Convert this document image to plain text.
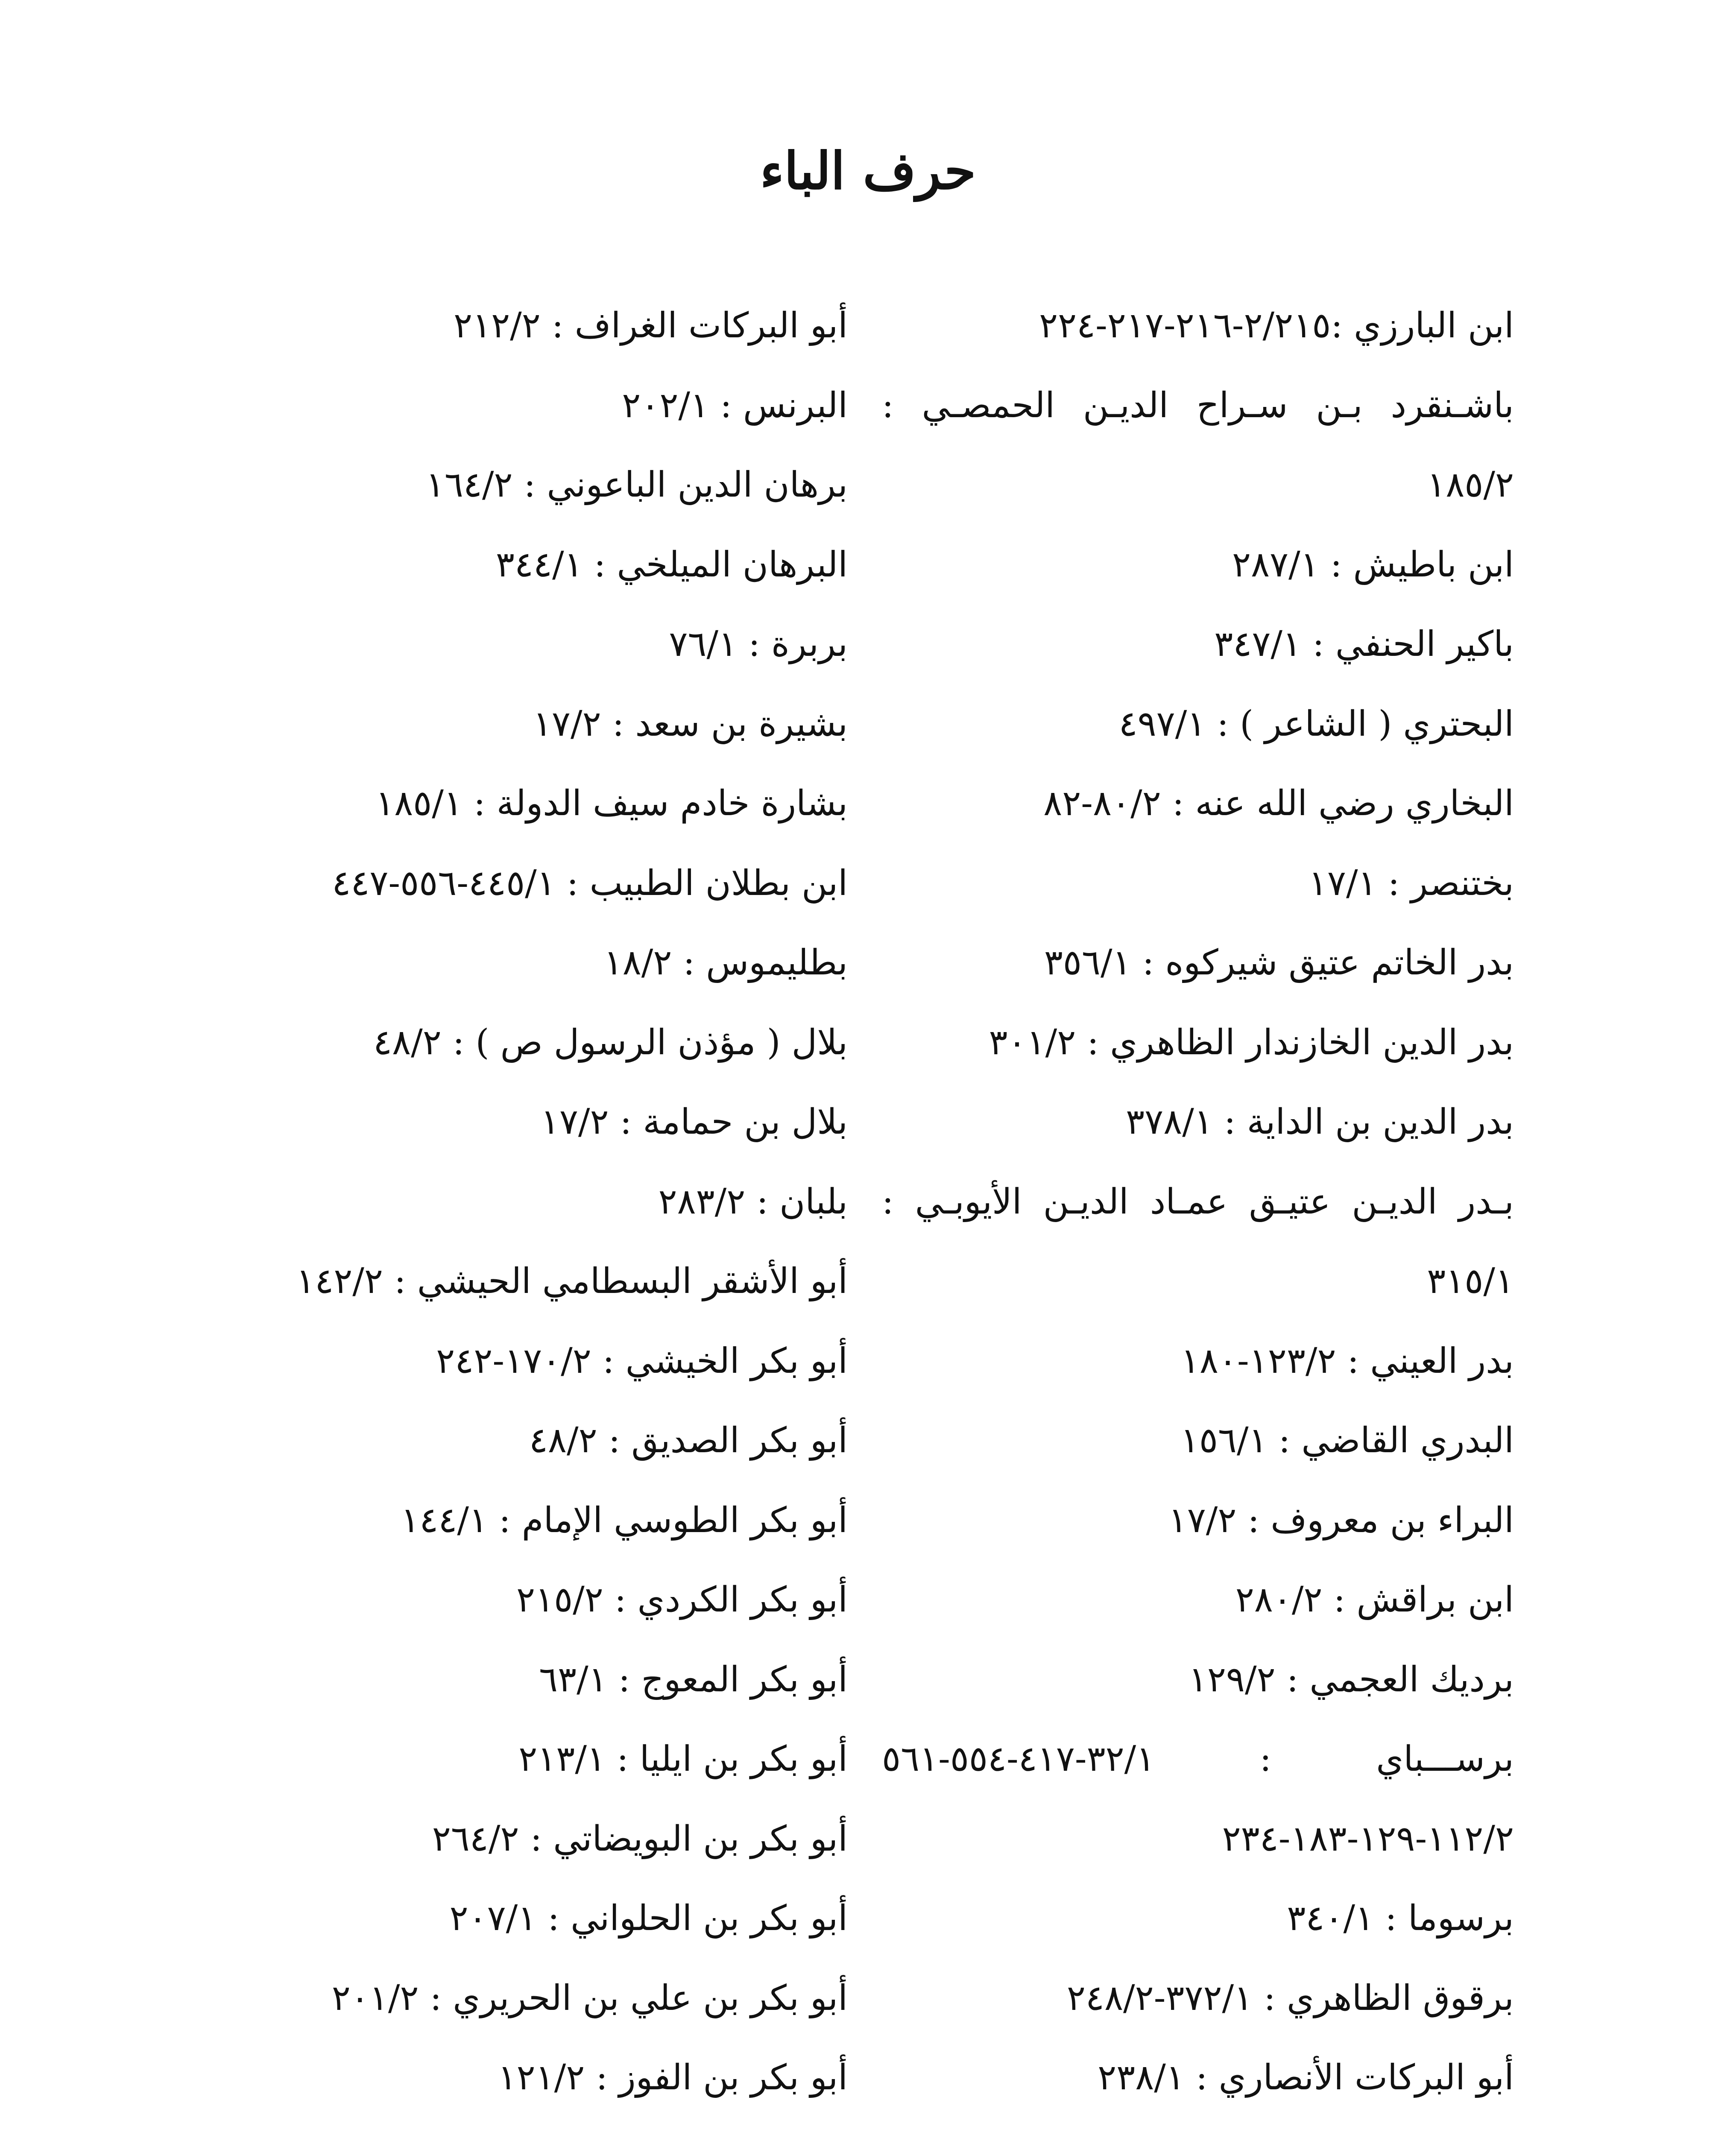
حرف الباء
ابن البارزي :٢/٢١٥-٢١٦-٢١٧-٢٢٤
باشـنقرد بـن سـراح الديـن الحمصـي :
١٨٥/٢
ابن باطيش : ٢٨٧/١
باكير الحنفي : ٣٤٧/١
البحتري ( الشاعر ) : ٤٩٧/١
البخاري رضي الله عنه : ٨٠/٢-٨٢
بختنصر : ١٧/١
بدر الخاتم عتيق شيركوه : ٣٥٦/١
بدر الدين الخازندار الظاهري : ٣٠١/٢
بدر الدين بن الداية : ٣٧٨/١
بـدر الديـن عتيـق عمـاد الديـن الأيوبـي :
٣١٥/١
بدر العيني : ١٢٣/٢-١٨٠
البدري القاضي : ١٥٦/١
البراء بن معروف : ١٧/٢
ابن براقش : ٢٨٠/٢
برديك العجمي : ١٢٩/٢
برســـباي : ٣٢/١-٤١٧-٥٥٤-٥٦١
١١٢/٢-١٢٩-١٨٣-٢٣٤
برسوما : ٣٤٠/١
برقوق الظاهري : ٣٧٢/١-٢٤٨/٢
أبو البركات الأنصاري : ٢٣٨/١
أبو البركات الغراف : ٢١٢/٢
البرنس : ٢٠٢/١
برهان الدين الباعوني : ١٦٤/٢
البرهان الميلخي : ٣٤٤/١
بربرة : ٧٦/١
بشيرة بن سعد : ١٧/٢
بشارة خادم سيف الدولة : ١٨٥/١
ابن بطلان الطبيب : ٤٤٥/١-٥٥٦-٤٤٧
بطليموس : ١٨/٢
بلال ( مؤذن الرسول ص ) : ٤٨/٢
بلال بن حمامة : ١٧/٢
بلبان : ٢٨٣/٢
أبو الأشقر البسطامي الحيشي : ١٤٢/٢
أبو بكر الخيشي : ١٧٠/٢-٢٤٢
أبو بكر الصديق : ٤٨/٢
أبو بكر الطوسي الإمام : ١٤٤/١
أبو بكر الكردي : ٢١٥/٢
أبو بكر المعوج : ٦٣/١
أبو بكر بن ايليا : ٢١٣/١
أبو بكر بن البويضاتي : ٢٦٤/٢
أبو بكر بن الحلواني : ٢٠٧/١
أبو بكر بن علي بن الحريري : ٢٠١/٢
أبو بكر بن الفوز : ١٢١/٢
